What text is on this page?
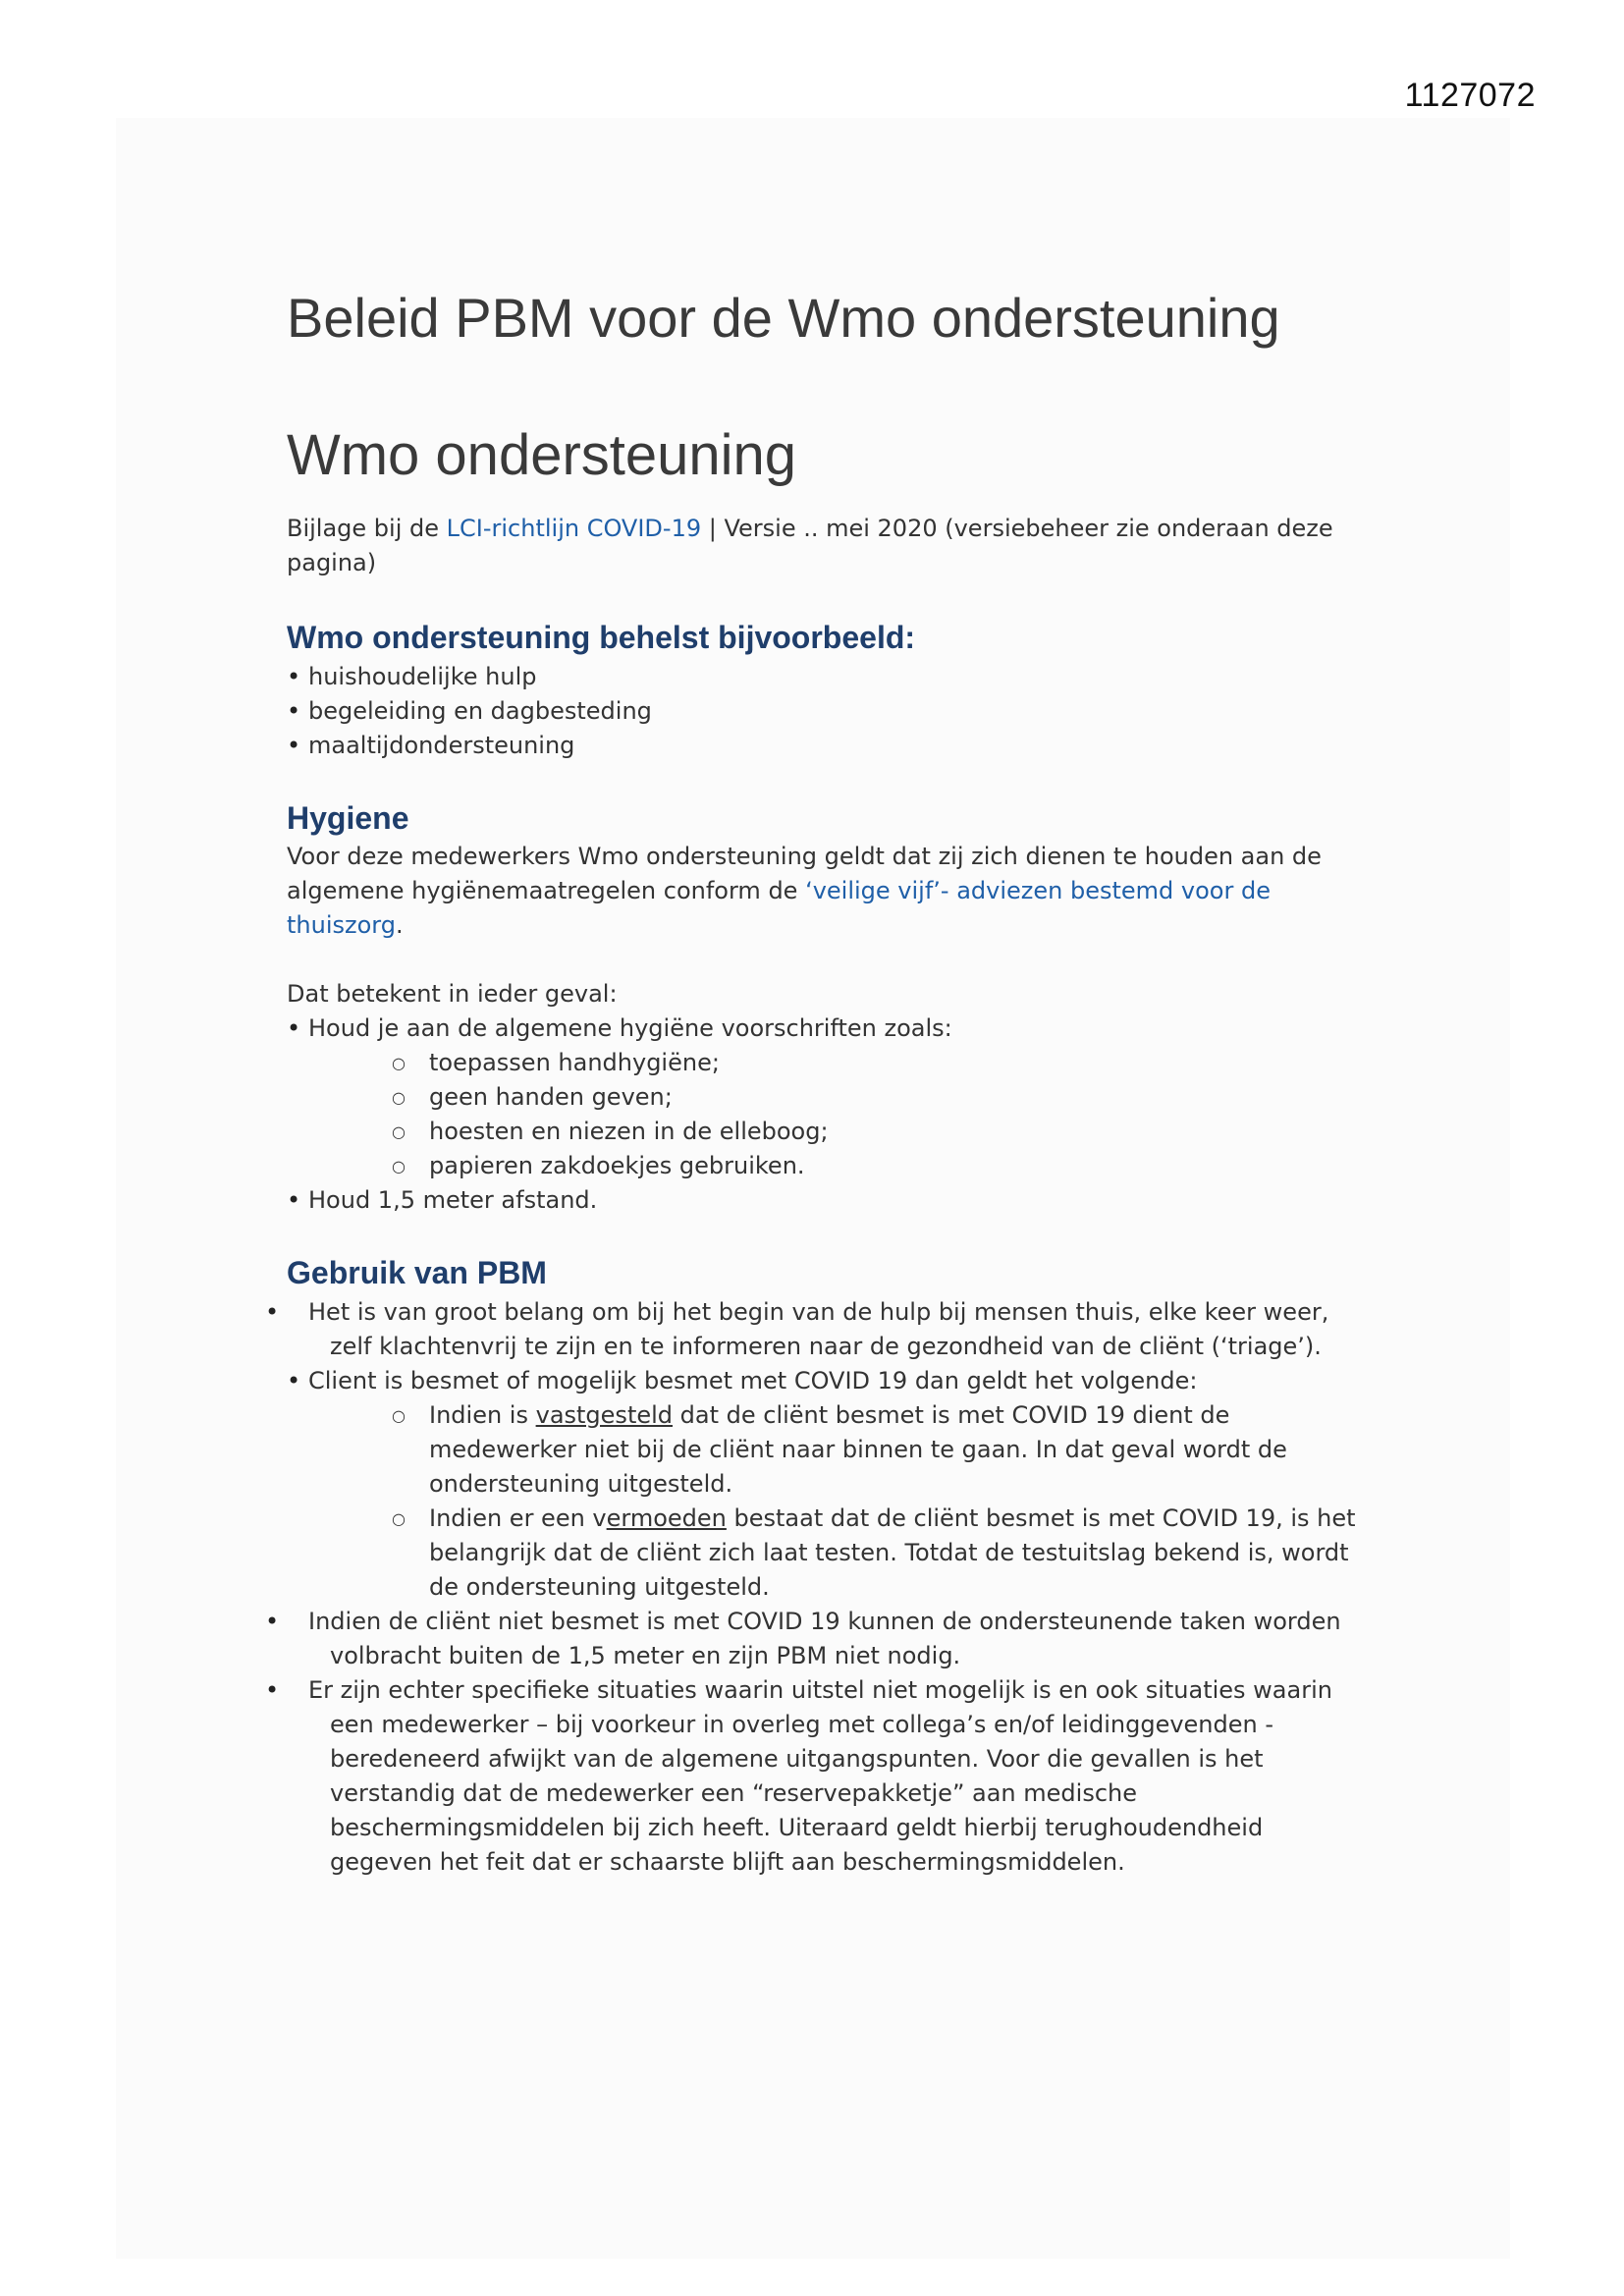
1127072
Beleid PBM voor de Wmo ondersteuning
Wmo ondersteuning

Bijlage bij de LCI-richtlijn COVID-19 | Versie .. mei 2020 (versiebeheer zie onderaan deze pagina)

Wmo ondersteuning behelst bijvoorbeeld:
• huishoudelijke hulp
• begeleiding en dagbesteding
• maaltijdondersteuning
Hygiene

Voor deze medewerkers Wmo ondersteuning geldt dat zij zich dienen te houden aan de algemene hygiënemaatregelen conform de ‘veilige vijf’- adviezen bestemd voor de thuiszorg.

Dat betekent in ieder geval:

• Houd je aan de algemene hygiëne voorschriften zoals:
○ toepassen handhygiëne;
○ geen handen geven;
○ hoesten en niezen in de elleboog;
○ papieren zakdoekjes gebruiken.
• Houd 1,5 meter afstand.
Gebruik van PBM
• Het is van groot belang om bij het begin van de hulp bij mensen thuis, elke keer weer, zelf klachtenvrij te zijn en te informeren naar de gezondheid van de cliënt (‘triage’).
• Client is besmet of mogelijk besmet met COVID 19 dan geldt het volgende:
○ Indien is vastgesteld dat de cliënt besmet is met COVID 19 dient de medewerker niet bij de cliënt naar binnen te gaan. In dat geval wordt de ondersteuning uitgesteld.
○ Indien er een vermoeden bestaat dat de cliënt besmet is met COVID 19, is het belangrijk dat de cliënt zich laat testen. Totdat de testuitslag bekend is, wordt de ondersteuning uitgesteld.
• Indien de cliënt niet besmet is met COVID 19 kunnen de ondersteunende taken worden volbracht buiten de 1,5 meter en zijn PBM niet nodig.
• Er zijn echter specifieke situaties waarin uitstel niet mogelijk is en ook situaties waarin een medewerker – bij voorkeur in overleg met collega’s en/of leidinggevenden - beredeneerd afwijkt van de algemene uitgangspunten. Voor die gevallen is het verstandig dat de medewerker een “reservepakketje” aan medische beschermingsmiddelen bij zich heeft. Uiteraard geldt hierbij terughoudendheid gegeven het feit dat er schaarste blijft aan beschermingsmiddelen.
